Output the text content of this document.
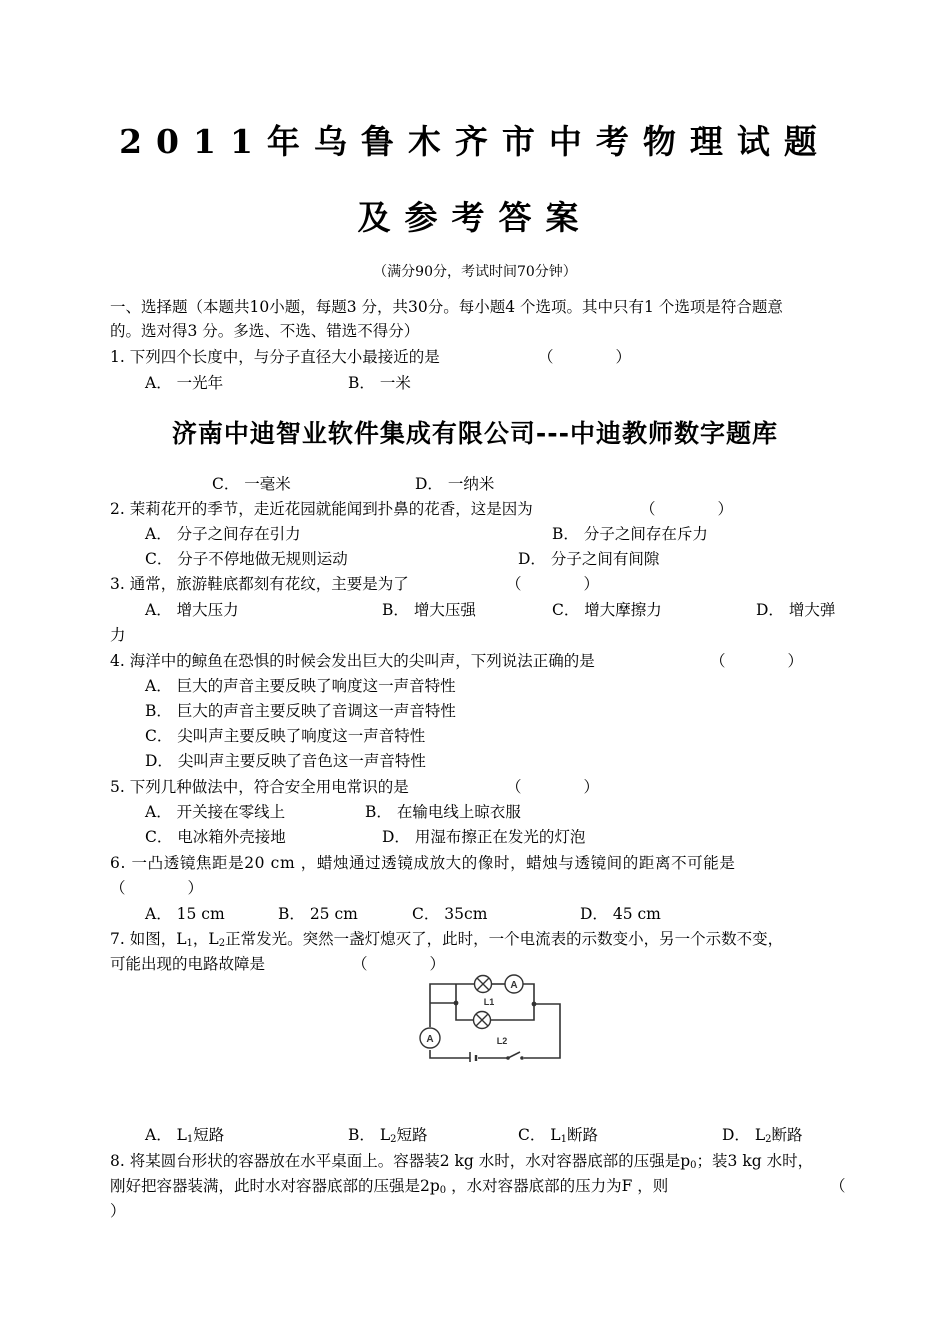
2011年乌鲁木齐市中考物理试题
及参考答案
（满分90分，考试时间70分钟）
一、选择题（本题共10小题，每题3 分，共30分。每小题4 个选项。其中只有1 个选项是符合题意
的。选对得3 分。多选、不选、错选不得分）
1. 下列四个长度中，与分子直径大小最接近的是	（　　　　）
A． 一光年	B． 一米
济南中迪智业软件集成有限公司---中迪教师数字题库
C． 一毫米	D． 一纳米
2. 茉莉花开的季节，走近花园就能闻到扑鼻的花香，这是因为	（　　　　）
A． 分子之间存在引力	B． 分子之间存在斥力
C． 分子不停地做无规则运动	D． 分子之间有间隙
3. 通常，旅游鞋底都刻有花纹，主要是为了	（　　　　）
A． 增大压力	B． 增大压强	C． 增大摩擦力	D． 增大弹
力
4. 海洋中的鲸鱼在恐惧的时候会发出巨大的尖叫声，下列说法正确的是	（　　　　）
A． 巨大的声音主要反映了响度这一声音特性
B． 巨大的声音主要反映了音调这一声音特性
C． 尖叫声主要反映了响度这一声音特性
D． 尖叫声主要反映了音色这一声音特性
5. 下列几种做法中，符合安全用电常识的是	（　　　　）
A． 开关接在零线上	B． 在输电线上晾衣服
C． 电冰箱外壳接地	D． 用湿布擦正在发光的灯泡
6. 一凸透镜焦距是20 cm ，蜡烛通过透镜成放大的像时，蜡烛与透镜间的距离不可能是
（　　　　）
A． 15 cm	B． 25 cm	C． 35cm	D． 45 cm
7. 如图，$L_1$，$L_2$正常发光。突然一盏灯熄灭了，此时，一个电流表的示数变小，另一个示数不变，
可能出现的电路故障是	（　　　　）
A
A
L1
L2
A． $L_1$短路	B． $L_2$短路	C． $L_1$断路	D． $L_2$断路
8. 将某圆台形状的容器放在水平桌面上。容器装2 kg 水时，水对容器底部的压强是$p_0$；装3 kg 水时，
刚好把容器装满，此时水对容器底部的压强是$2p_0$ ，水对容器底部的压力为F ，则	（
）
